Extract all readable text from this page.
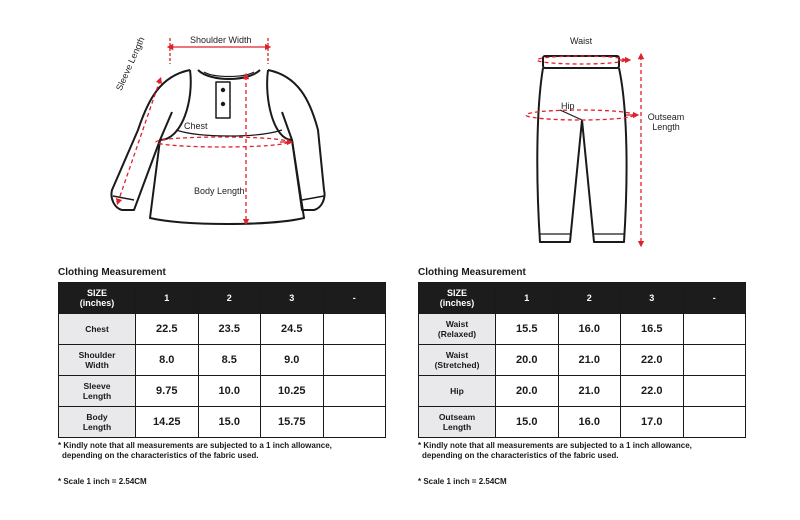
Shoulder Width
Sleeve Length
Chest
Body Length
Waist
Hip
Outseam
Length
Clothing Measurement
SIZE
(inches)	1	2	3	-

Chest	22.5	23.5	24.5	

Shoulder
Width	8.0	8.5	9.0	

Sleeve
Length	9.75	10.0	10.25	

Body
Length	14.25	15.0	15.75	
* Kindly note that all measurements are subjected to a 1 inch allowance,
depending on the characteristics of the fabric used.
* Scale 1 inch = 2.54CM
Clothing Measurement
SIZE
(inches)	1	2	3	-

Waist
(Relaxed)	15.5	16.0	16.5	

Waist
(Stretched)	20.0	21.0	22.0	

Hip	20.0	21.0	22.0	

Outseam
Length	15.0	16.0	17.0	
* Kindly note that all measurements are subjected to a 1 inch allowance,
depending on the characteristics of the fabric used.
* Scale 1 inch = 2.54CM
